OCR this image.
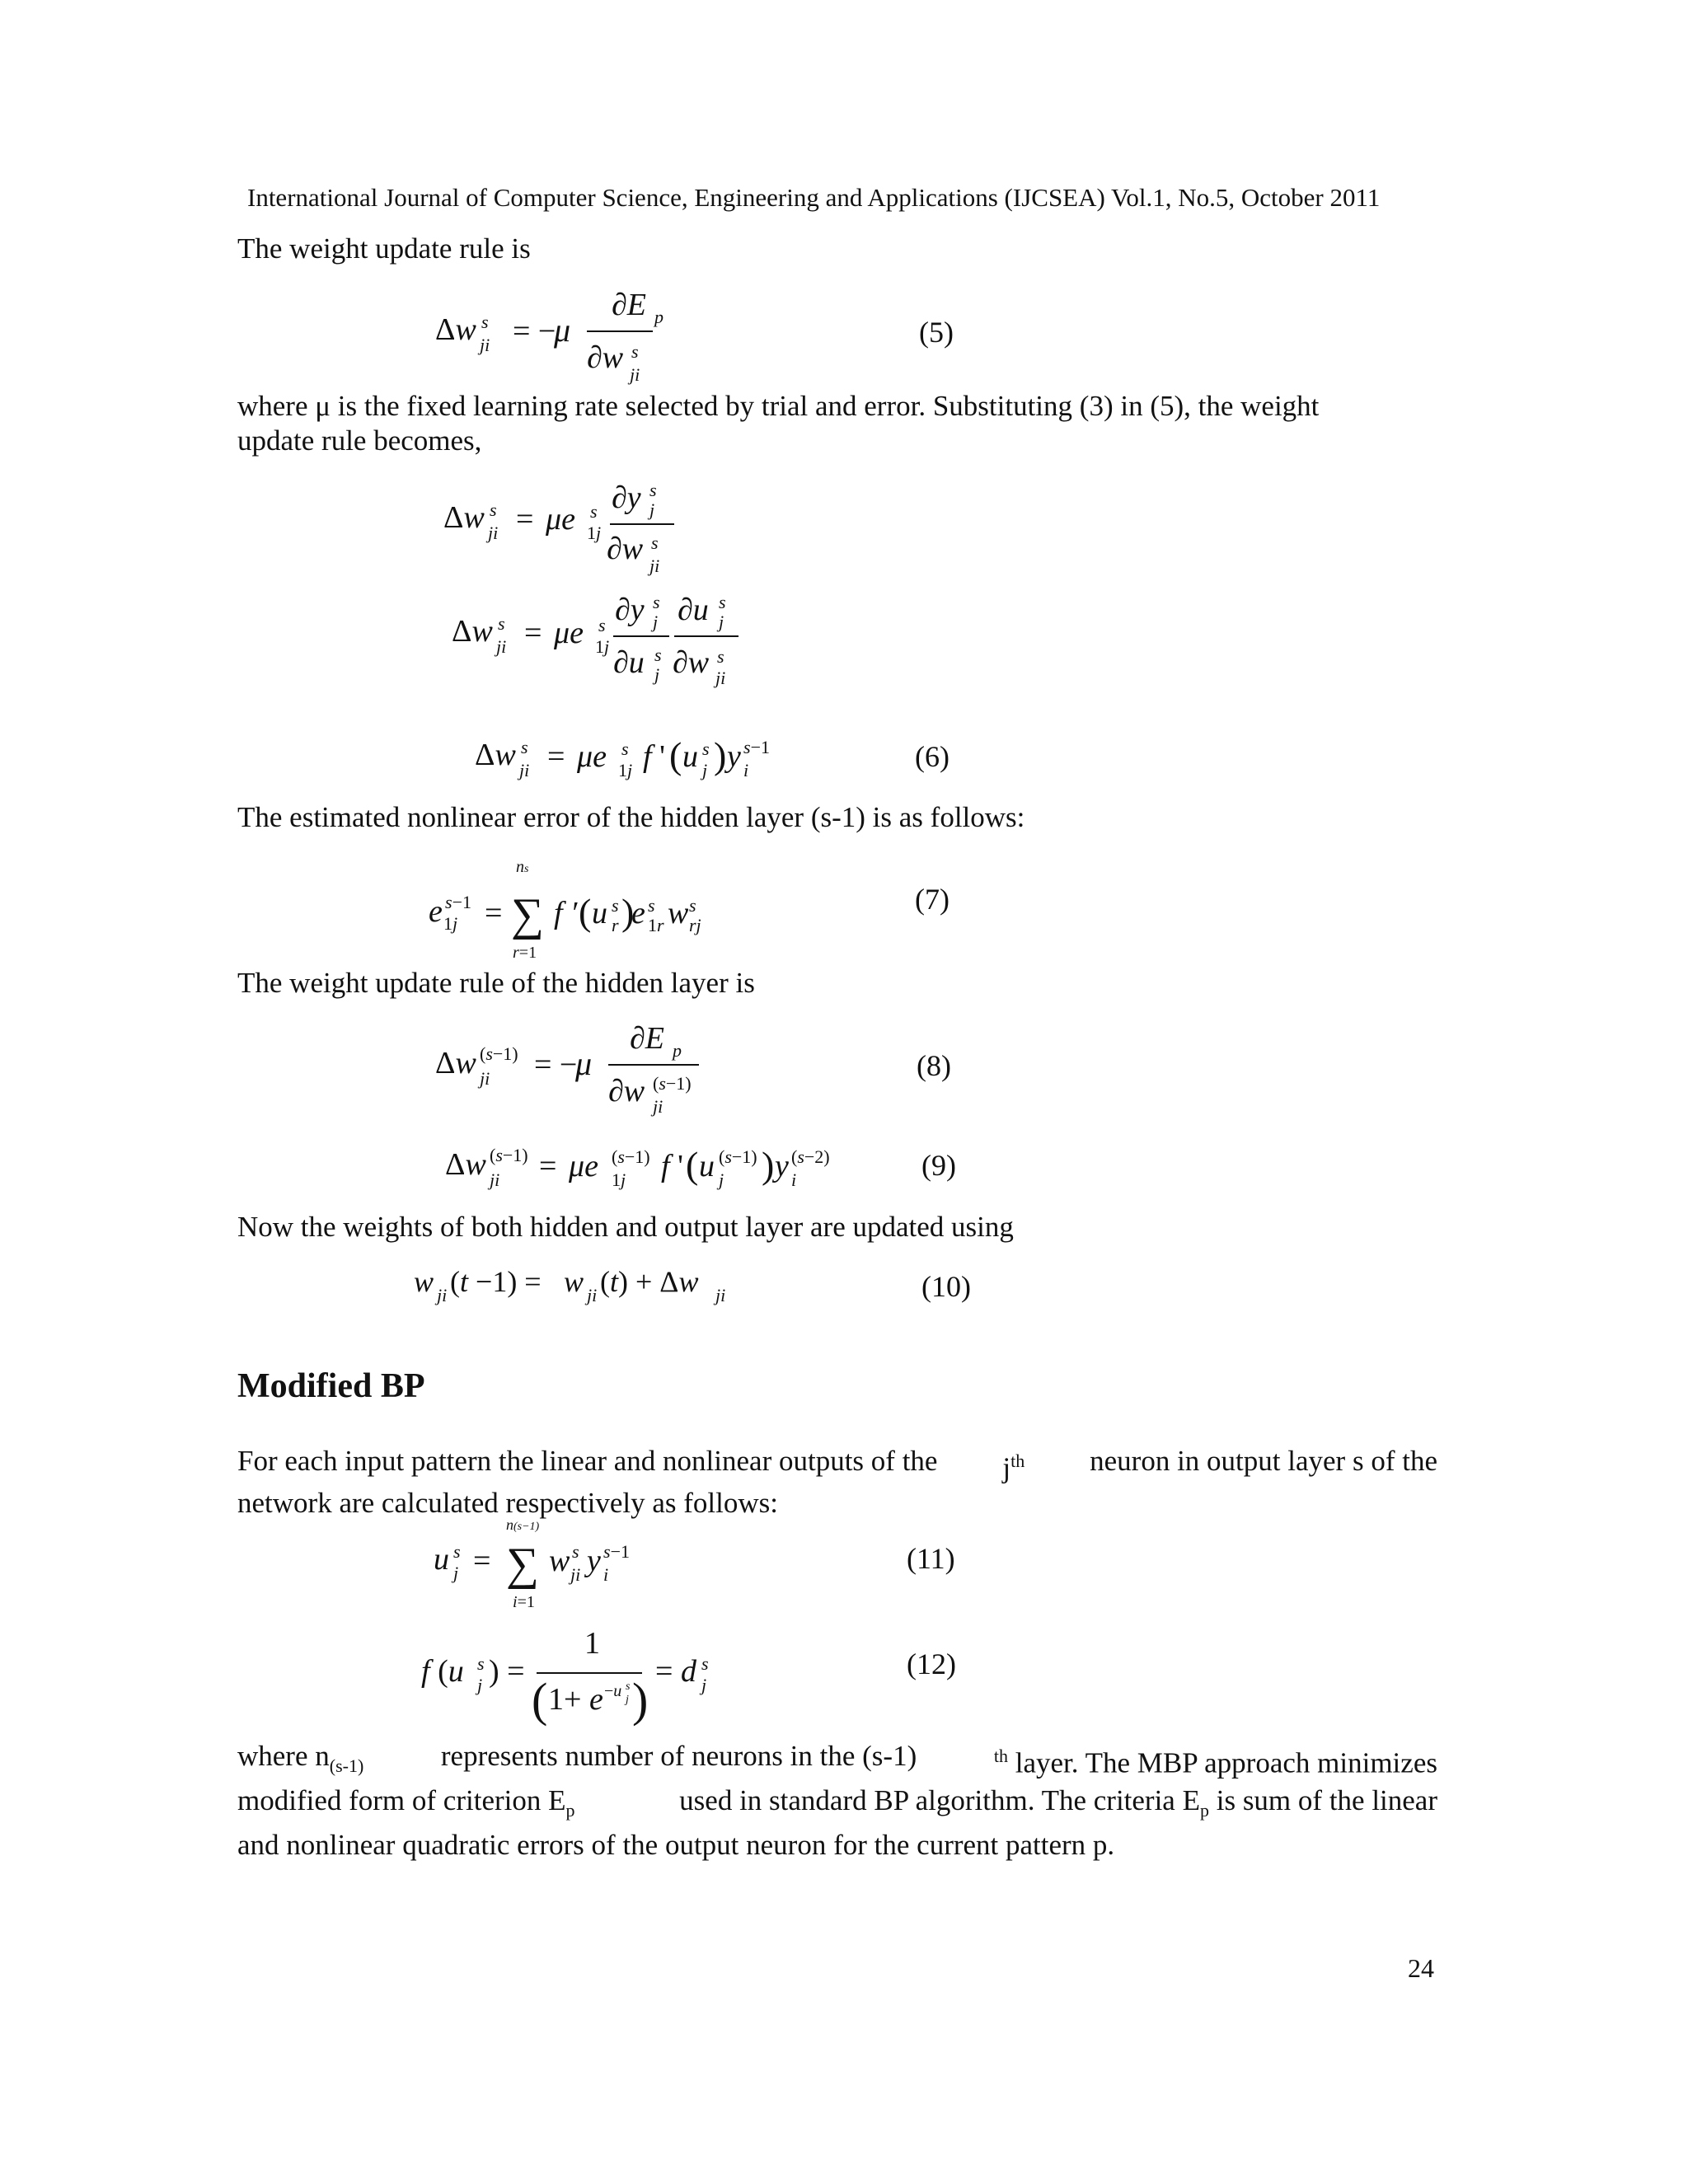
International Journal of Computer Science, Engineering and Applications (IJCSEA) Vol.1, No.5, October 2011
The weight update rule is
Δw s
ji = −
μ
∂E p
∂w s
ji
(5)
where μ is the fixed learning rate selected by trial and error. Substituting (3) in (5), the weight
update rule becomes,
Δw s
ji = μe s
1j
∂y s
j
∂w s
ji
Δw s
ji = μe s
1j
∂y s
j
∂u s
j
∂u s
j
∂w s
ji
Δw s
ji = μe s
1j f ' ( u s
j ) y s−1
i	(6)
The estimated nonlinear error of the hidden layer (s-1) is as follows:
e s−1
1j =
ns
∑
r=1
f ′ ( u s
r )
e s
1r w s
rj
(7)
The weight update rule of the hidden layer is
Δw (s−1)
ji = −
μ
∂E p
∂w (s−1)
ji
(8)
Δw (s−1)
ji = μe (s−1)
1j f ' ( u (s−1)
j ) y (s−2)
i	(9)
Now the weights of both hidden and output layer are updated using
w ji (t −1) = w ji (t) + Δw ji	(10)
Modified BP
For each input pattern the linear and nonlinear outputs of the $j^{th}$ neuron in output layer s of the
network are calculated respectively as follows:
u s
j =
n(s−1)
∑
i=1
w s
ji y s−1
i	(11)
f (u s
j ) =
1
( 1+ e −u s
j )
= d s
j
(12)
where $n_{(s-1)}$	represents number of neurons in the (s-1)	$^{th}$ layer. The MBP approach minimizes
modified form of criterion $E_p$	used in standard BP algorithm. The criteria $E_p$ is sum of the linear
and nonlinear quadratic errors of the output neuron for the current pattern p.
24
